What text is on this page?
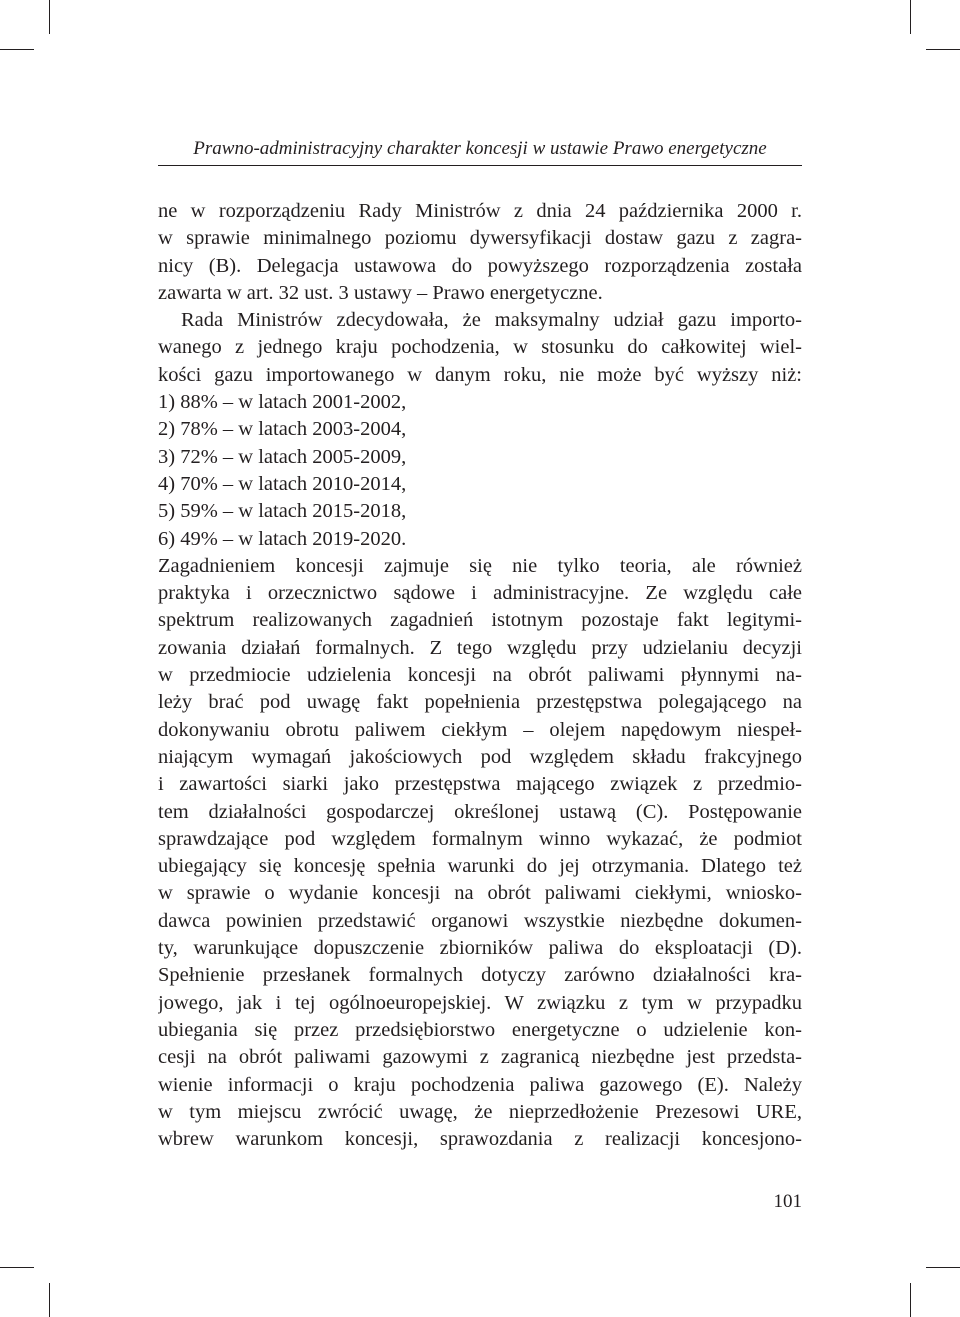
Prawno-administracyjny charakter koncesji w ustawie Prawo energetyczne
ne w rozporządzeniu Rady Ministrów z dnia 24 października 2000 r.
w sprawie minimalnego poziomu dywersyfikacji dostaw gazu z zagra-
nicy (B). Delegacja ustawowa do powyższego rozporządzenia została
zawarta w art. 32 ust. 3 ustawy – Prawo energetyczne.
Rada Ministrów zdecydowała, że maksymalny udział gazu importo-
wanego z jednego kraju pochodzenia, w stosunku do całkowitej wiel-
kości gazu importowanego w danym roku, nie może być wyższy niż:
1) 88% – w latach 2001-2002,
2) 78% – w latach 2003-2004,
3) 72% – w latach 2005-2009,
4) 70% – w latach 2010-2014,
5) 59% – w latach 2015-2018,
6) 49% – w latach 2019-2020.
Zagadnieniem koncesji zajmuje się nie tylko teoria, ale również
praktyka i orzecznictwo sądowe i administracyjne. Ze względu całe
spektrum realizowanych zagadnień istotnym pozostaje fakt legitymi-
zowania działań formalnych. Z tego względu przy udzielaniu decyzji
w przedmiocie udzielenia koncesji na obrót paliwami płynnymi na-
leży brać pod uwagę fakt popełnienia przestępstwa polegającego na
dokonywaniu obrotu paliwem ciekłym – olejem napędowym niespeł-
niającym wymagań jakościowych pod względem składu frakcyjnego
i zawartości siarki jako przestępstwa mającego związek z przedmio-
tem działalności gospodarczej określonej ustawą (C). Postępowanie
sprawdzające pod względem formalnym winno wykazać, że podmiot
ubiegający się koncesję spełnia warunki do jej otrzymania. Dlatego też
w sprawie o wydanie koncesji na obrót paliwami ciekłymi, wniosko-
dawca powinien przedstawić organowi wszystkie niezbędne dokumen-
ty, warunkujące dopuszczenie zbiorników paliwa do eksploatacji (D).
Spełnienie przesłanek formalnych dotyczy zarówno działalności kra-
jowego, jak i tej ogólnoeuropejskiej. W związku z tym w przypadku
ubiegania się przez przedsiębiorstwo energetyczne o udzielenie kon-
cesji na obrót paliwami gazowymi z zagranicą niezbędne jest przedsta-
wienie informacji o kraju pochodzenia paliwa gazowego (E). Należy
w tym miejscu zwrócić uwagę, że nieprzedłożenie Prezesowi URE,
wbrew warunkom koncesji, sprawozdania z realizacji koncesjono-
101
